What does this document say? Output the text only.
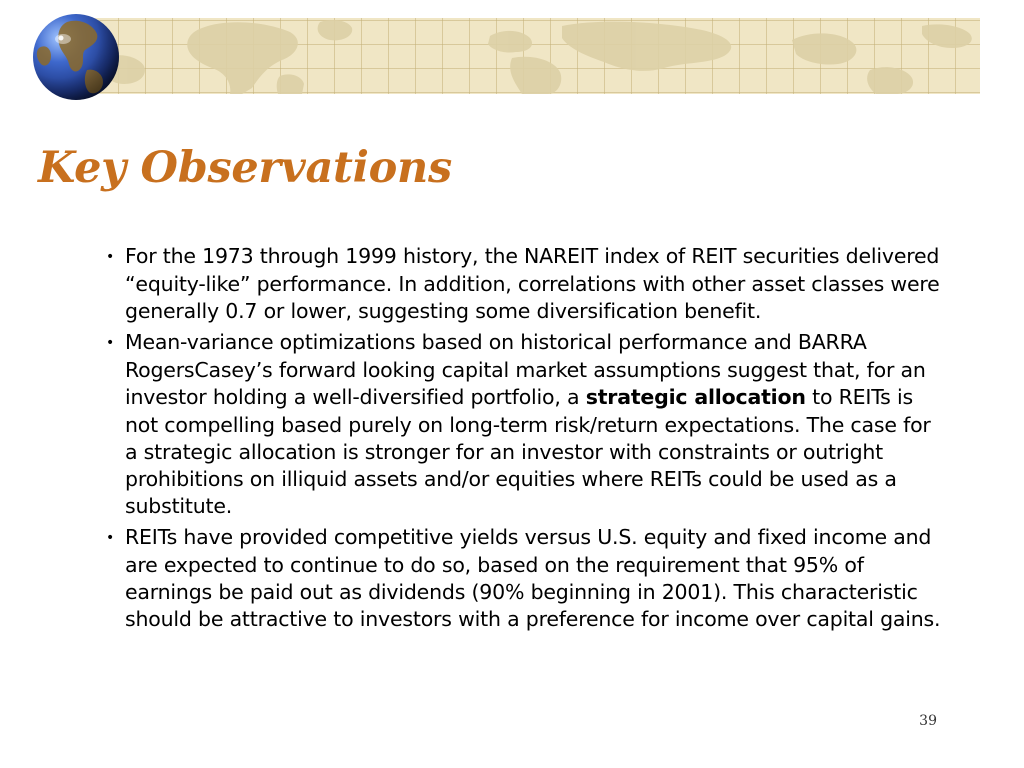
Key Observations
• For the 1973 through 1999 history, the NAREIT index of REIT securities delivered “equity-like” performance. In addition, correlations with other asset classes were generally 0.7 or lower, suggesting some diversification benefit.
• Mean-variance optimizations based on historical performance and BARRA RogersCasey’s forward looking capital market assumptions suggest that, for an investor holding a well-diversified portfolio, a strategic allocation to REITs is not compelling based purely on long-term risk/return expectations. The case for a strategic allocation is stronger for an investor with constraints or outright prohibitions on illiquid assets and/or equities where REITs could be used as a substitute.
• REITs have provided competitive yields versus U.S. equity and fixed income and are expected to continue to do so, based on the requirement that 95% of earnings be paid out as dividends (90% beginning in 2001). This characteristic should be attractive to investors with a preference for income over capital gains.
39
